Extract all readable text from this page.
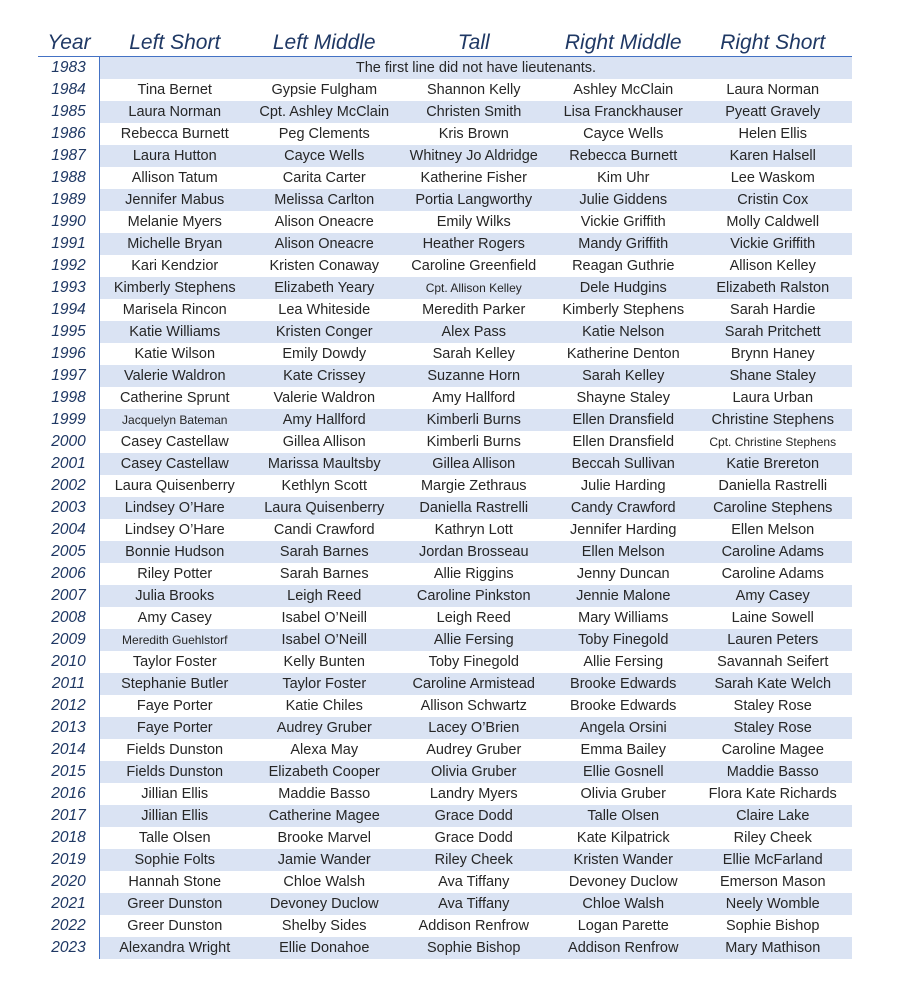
Year	Left Short	Left Middle	Tall	Right Middle	Right Short
1983	The first line did not have lieutenants.
1984	Tina Bernet	Gypsie Fulgham	Shannon Kelly	Ashley McClain	Laura Norman
1985	Laura Norman	Cpt. Ashley McClain	Christen Smith	Lisa Franckhauser	Pyeatt Gravely
1986	Rebecca Burnett	Peg Clements	Kris Brown	Cayce Wells	Helen Ellis
1987	Laura Hutton	Cayce Wells	Whitney Jo Aldridge	Rebecca Burnett	Karen Halsell
1988	Allison Tatum	Carita Carter	Katherine Fisher	Kim Uhr	Lee Waskom
1989	Jennifer Mabus	Melissa Carlton	Portia Langworthy	Julie Giddens	Cristin Cox
1990	Melanie Myers	Alison Oneacre	Emily Wilks	Vickie Griffith	Molly Caldwell
1991	Michelle Bryan	Alison Oneacre	Heather Rogers	Mandy Griffith	Vickie Griffith
1992	Kari Kendzior	Kristen Conaway	Caroline Greenfield	Reagan Guthrie	Allison Kelley
1993	Kimberly Stephens	Elizabeth Yeary	Cpt. Allison Kelley	Dele Hudgins	Elizabeth Ralston
1994	Marisela Rincon	Lea Whiteside	Meredith Parker	Kimberly Stephens	Sarah Hardie
1995	Katie Williams	Kristen Conger	Alex Pass	Katie Nelson	Sarah Pritchett
1996	Katie Wilson	Emily Dowdy	Sarah Kelley	Katherine Denton	Brynn Haney
1997	Valerie Waldron	Kate Crissey	Suzanne Horn	Sarah Kelley	Shane Staley
1998	Catherine Sprunt	Valerie Waldron	Amy Hallford	Shayne Staley	Laura Urban
1999	Jacquelyn Bateman	Amy Hallford	Kimberli Burns	Ellen Dransfield	Christine Stephens
2000	Casey Castellaw	Gillea Allison	Kimberli Burns	Ellen Dransfield	Cpt. Christine Stephens
2001	Casey Castellaw	Marissa Maultsby	Gillea Allison	Beccah Sullivan	Katie Brereton
2002	Laura Quisenberry	Kethlyn Scott	Margie Zethraus	Julie Harding	Daniella Rastrelli
2003	Lindsey O’Hare	Laura Quisenberry	Daniella Rastrelli	Candy Crawford	Caroline Stephens
2004	Lindsey O’Hare	Candi Crawford	Kathryn Lott	Jennifer Harding	Ellen Melson
2005	Bonnie Hudson	Sarah Barnes	Jordan Brosseau	Ellen Melson	Caroline Adams
2006	Riley Potter	Sarah Barnes	Allie Riggins	Jenny Duncan	Caroline Adams
2007	Julia Brooks	Leigh Reed	Caroline Pinkston	Jennie Malone	Amy Casey
2008	Amy Casey	Isabel O’Neill	Leigh Reed	Mary Williams	Laine Sowell
2009	Meredith Guehlstorf	Isabel O’Neill	Allie Fersing	Toby Finegold	Lauren Peters
2010	Taylor Foster	Kelly Bunten	Toby Finegold	Allie Fersing	Savannah Seifert
2011	Stephanie Butler	Taylor Foster	Caroline Armistead	Brooke Edwards	Sarah Kate Welch
2012	Faye Porter	Katie Chiles	Allison Schwartz	Brooke Edwards	Staley Rose
2013	Faye Porter	Audrey Gruber	Lacey O’Brien	Angela Orsini	Staley Rose
2014	Fields Dunston	Alexa May	Audrey Gruber	Emma Bailey	Caroline Magee
2015	Fields Dunston	Elizabeth Cooper	Olivia Gruber	Ellie Gosnell	Maddie Basso
2016	Jillian Ellis	Maddie Basso	Landry Myers	Olivia Gruber	Flora Kate Richards
2017	Jillian Ellis	Catherine Magee	Grace Dodd	Talle Olsen	Claire Lake
2018	Talle Olsen	Brooke Marvel	Grace Dodd	Kate Kilpatrick	Riley Cheek
2019	Sophie Folts	Jamie Wander	Riley Cheek	Kristen Wander	Ellie McFarland
2020	Hannah Stone	Chloe Walsh	Ava Tiffany	Devoney Duclow	Emerson Mason
2021	Greer Dunston	Devoney Duclow	Ava Tiffany	Chloe Walsh	Neely Womble
2022	Greer Dunston	Shelby Sides	Addison Renfrow	Logan Parette	Sophie Bishop
2023	Alexandra Wright	Ellie Donahoe	Sophie Bishop	Addison Renfrow	Mary Mathison
